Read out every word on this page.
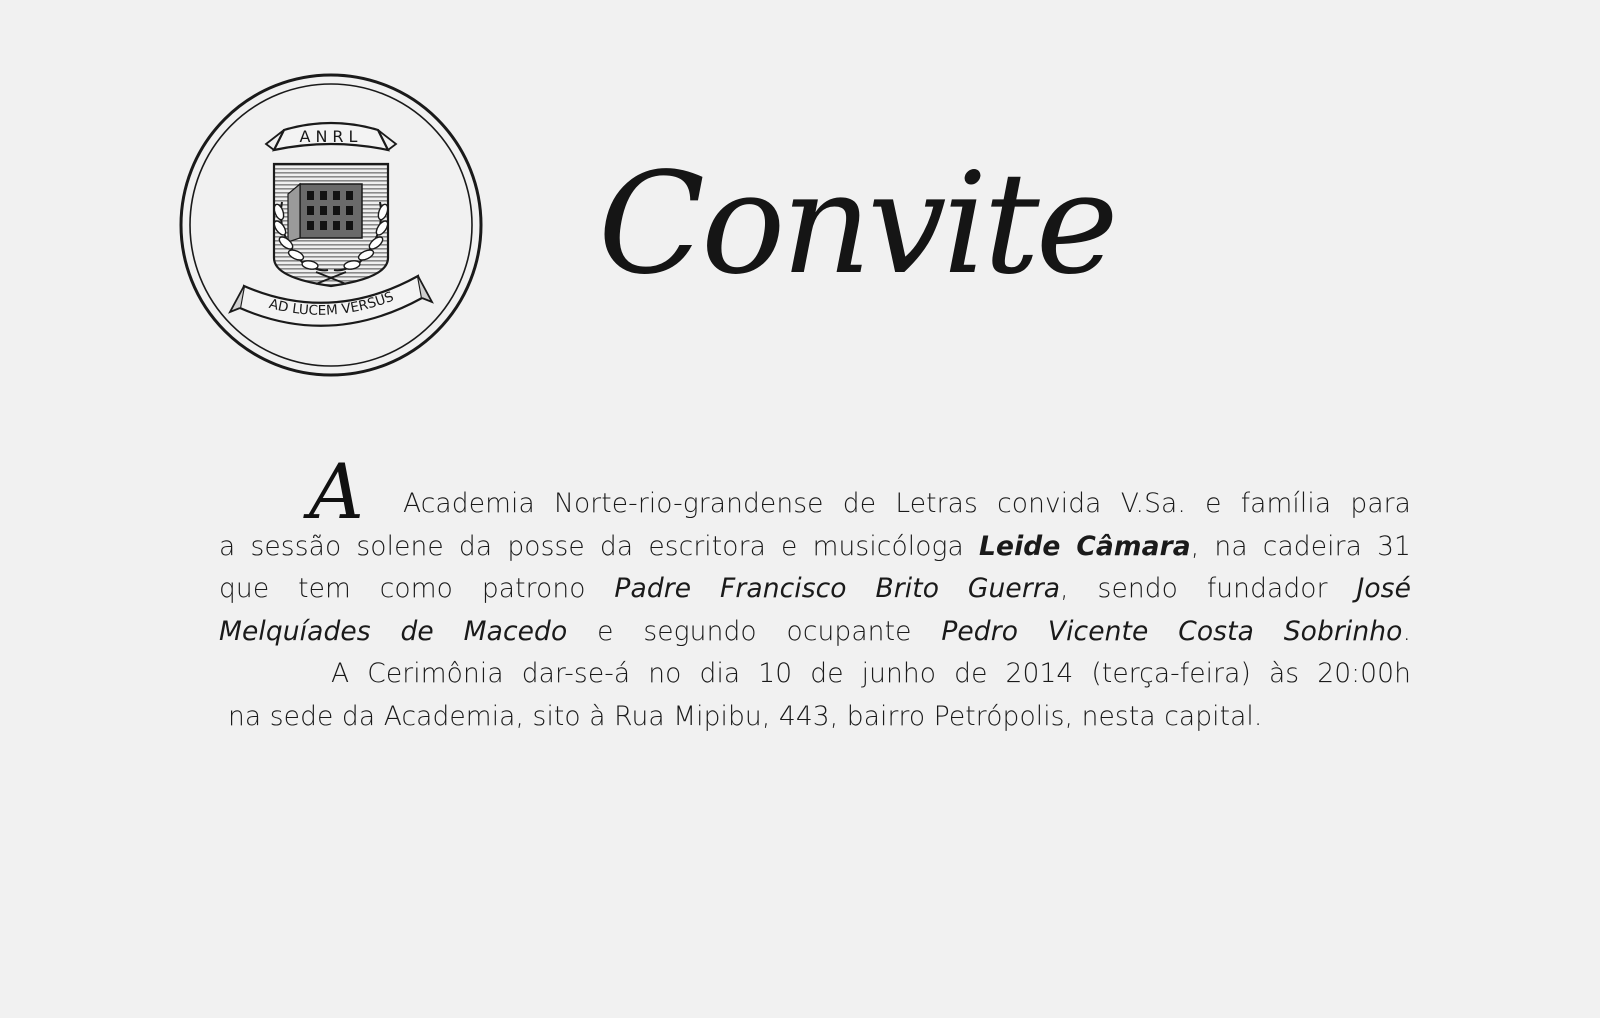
ANRL
AD LUCEM VERSUS Convite
A Academia Norte-rio-grandense de Letras convida V.Sa. e família para
a sessão solene da posse da escritora e musicóloga Leide Câmara, na cadeira 31
que tem como patrono Padre Francisco Brito Guerra, sendo fundador José
Melquíades de Macedo e segundo ocupante Pedro Vicente Costa Sobrinho.
A Cerimônia dar-se-á no dia 10 de junho de 2014 (terça-feira) às 20:00h
na sede da Academia, sito à Rua Mipibu, 443, bairro Petrópolis, nesta capital.
